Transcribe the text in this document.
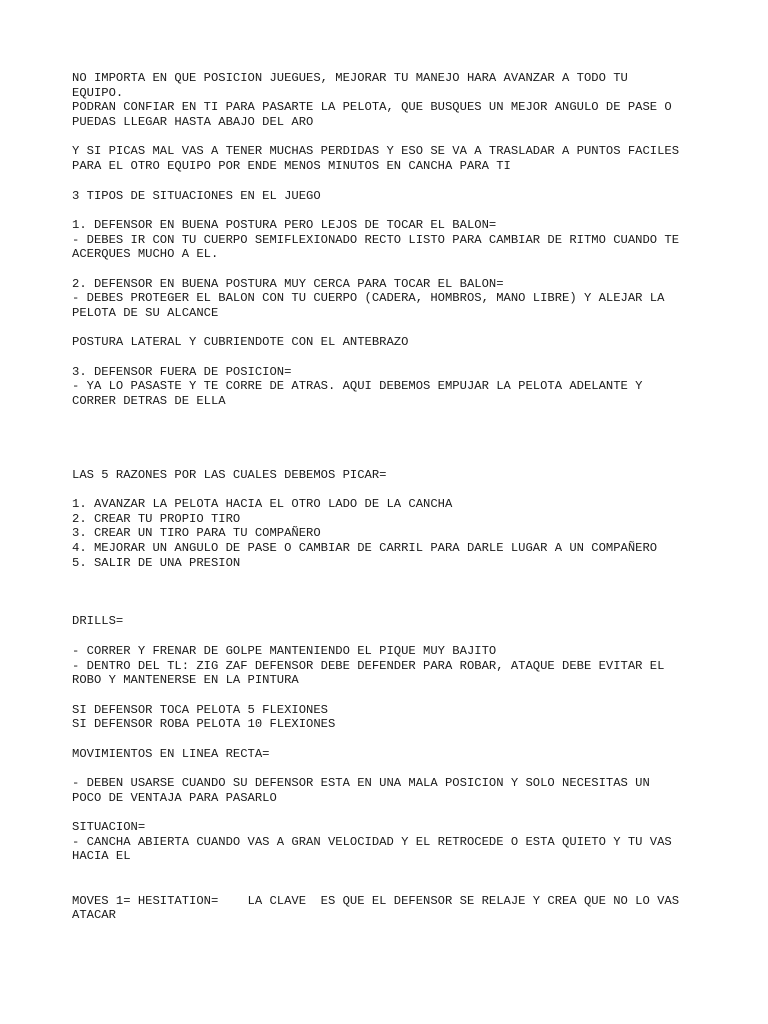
NO IMPORTA EN QUE POSICION JUEGUES, MEJORAR TU MANEJO HARA AVANZAR A TODO TU
EQUIPO.
PODRAN CONFIAR EN TI PARA PASARTE LA PELOTA, QUE BUSQUES UN MEJOR ANGULO DE PASE O
PUEDAS LLEGAR HASTA ABAJO DEL ARO
Y SI PICAS MAL VAS A TENER MUCHAS PERDIDAS Y ESO SE VA A TRASLADAR A PUNTOS FACILES
PARA EL OTRO EQUIPO POR ENDE MENOS MINUTOS EN CANCHA PARA TI
3 TIPOS DE SITUACIONES EN EL JUEGO
1. DEFENSOR EN BUENA POSTURA PERO LEJOS DE TOCAR EL BALON=
- DEBES IR CON TU CUERPO SEMIFLEXIONADO RECTO LISTO PARA CAMBIAR DE RITMO CUANDO TE
ACERQUES MUCHO A EL.
2. DEFENSOR EN BUENA POSTURA MUY CERCA PARA TOCAR EL BALON=
- DEBES PROTEGER EL BALON CON TU CUERPO (CADERA, HOMBROS, MANO LIBRE) Y ALEJAR LA
PELOTA DE SU ALCANCE
POSTURA LATERAL Y CUBRIENDOTE CON EL ANTEBRAZO
3. DEFENSOR FUERA DE POSICION=
- YA LO PASASTE Y TE CORRE DE ATRAS. AQUI DEBEMOS EMPUJAR LA PELOTA ADELANTE Y
CORRER DETRAS DE ELLA
LAS 5 RAZONES POR LAS CUALES DEBEMOS PICAR=
1. AVANZAR LA PELOTA HACIA EL OTRO LADO DE LA CANCHA
2. CREAR TU PROPIO TIRO
3. CREAR UN TIRO PARA TU COMPAÑERO
4. MEJORAR UN ANGULO DE PASE O CAMBIAR DE CARRIL PARA DARLE LUGAR A UN COMPAÑERO
5. SALIR DE UNA PRESION
DRILLS=
- CORRER Y FRENAR DE GOLPE MANTENIENDO EL PIQUE MUY BAJITO
- DENTRO DEL TL: ZIG ZAF DEFENSOR DEBE DEFENDER PARA ROBAR, ATAQUE DEBE EVITAR EL
ROBO Y MANTENERSE EN LA PINTURA
SI DEFENSOR TOCA PELOTA 5 FLEXIONES
SI DEFENSOR ROBA PELOTA 10 FLEXIONES
MOVIMIENTOS EN LINEA RECTA=
- DEBEN USARSE CUANDO SU DEFENSOR ESTA EN UNA MALA POSICION Y SOLO NECESITAS UN
POCO DE VENTAJA PARA PASARLO
SITUACION=
- CANCHA ABIERTA CUANDO VAS A GRAN VELOCIDAD Y EL RETROCEDE O ESTA QUIETO Y TU VAS
HACIA EL
MOVES 1= HESITATION=    LA CLAVE  ES QUE EL DEFENSOR SE RELAJE Y CREA QUE NO LO VAS
ATACAR
